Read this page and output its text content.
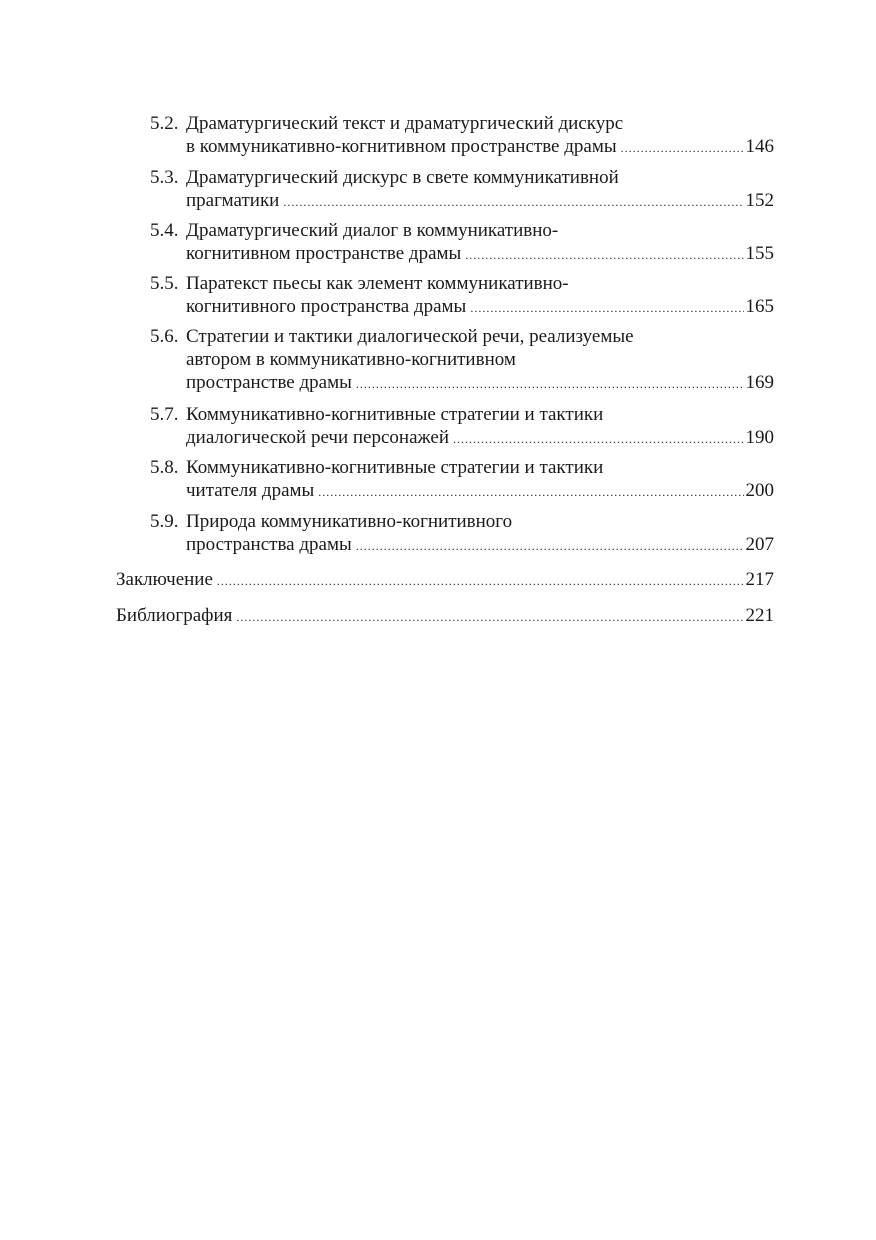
5.2. Драматургический текст и драматургический дискурс
в коммуникативно-когнитивном пространстве драмы .....	146
5.3. Драматургический дискурс в свете коммуникативной
прагматики .....	152
5.4. Драматургический диалог в коммуникативно-
когнитивном пространстве драмы .....	155
5.5. Паратекст пьесы как элемент коммуникативно-
когнитивного пространства драмы .....	165
5.6. Стратегии и тактики диалогической речи, реализуемые
автором в коммуникативно-когнитивном
пространстве драмы .....	169
5.7. Коммуникативно-когнитивные стратегии и тактики
диалогической речи персонажей .....	190
5.8. Коммуникативно-когнитивные стратегии и тактики
читателя драмы .....	200
5.9. Природа коммуникативно-когнитивного
пространства драмы .....	207
Заключение .....	217
Библиография .....	221
